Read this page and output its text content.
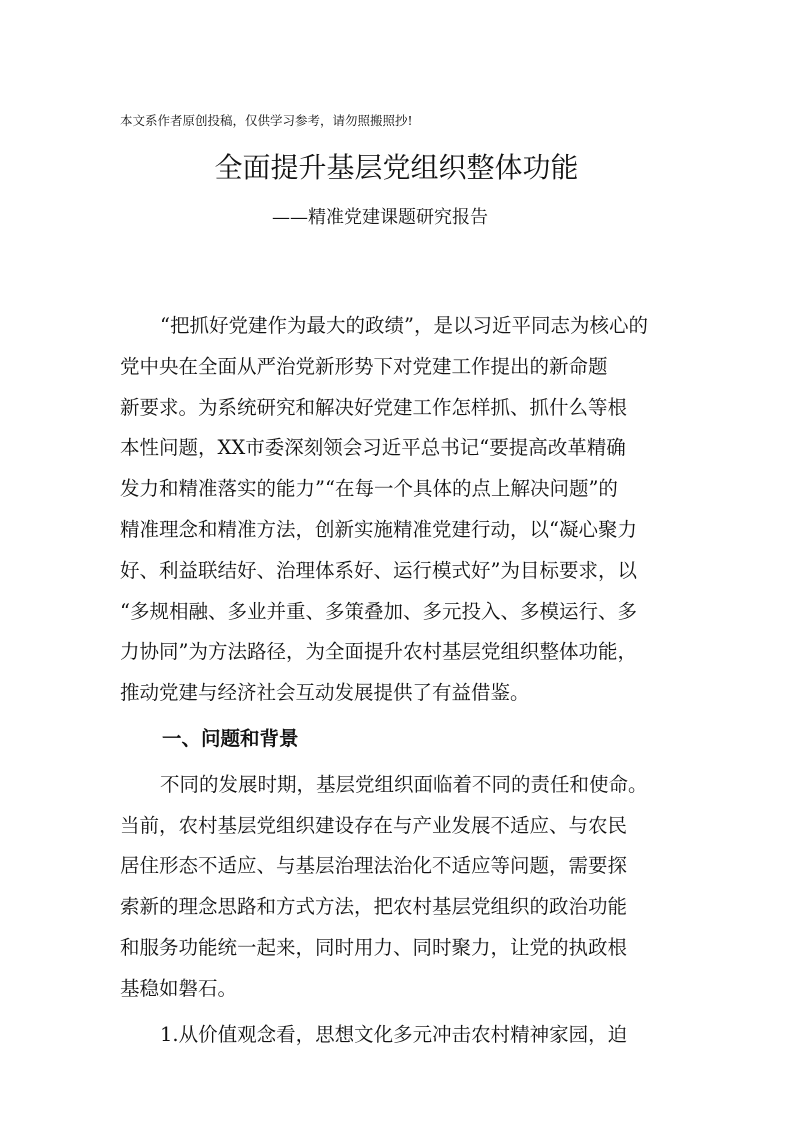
本文系作者原创投稿，仅供学习参考，请勿照搬照抄!
全面提升基层党组织整体功能
——精准党建课题研究报告
“把抓好党建作为最大的政绩”，是以习近平同志为核心的
党中央在全面从严治党新形势下对党建工作提出的新命题
新要求。为系统研究和解决好党建工作怎样抓、抓什么等根
本性问题，XX市委深刻领会习近平总书记“要提高改革精确
发力和精准落实的能力”“在每一个具体的点上解决问题”的
精准理念和精准方法，创新实施精准党建行动，以“凝心聚力
好、利益联结好、治理体系好、运行模式好”为目标要求，以
“多规相融、多业并重、多策叠加、多元投入、多模运行、多
力协同”为方法路径，为全面提升农村基层党组织整体功能，
推动党建与经济社会互动发展提供了有益借鉴。
一、问题和背景
不同的发展时期，基层党组织面临着不同的责任和使命。
当前，农村基层党组织建设存在与产业发展不适应、与农民
居住形态不适应、与基层治理法治化不适应等问题，需要探
索新的理念思路和方式方法，把农村基层党组织的政治功能
和服务功能统一起来，同时用力、同时聚力，让党的执政根
基稳如磐石。
1.从价值观念看，思想文化多元冲击农村精神家园，迫
